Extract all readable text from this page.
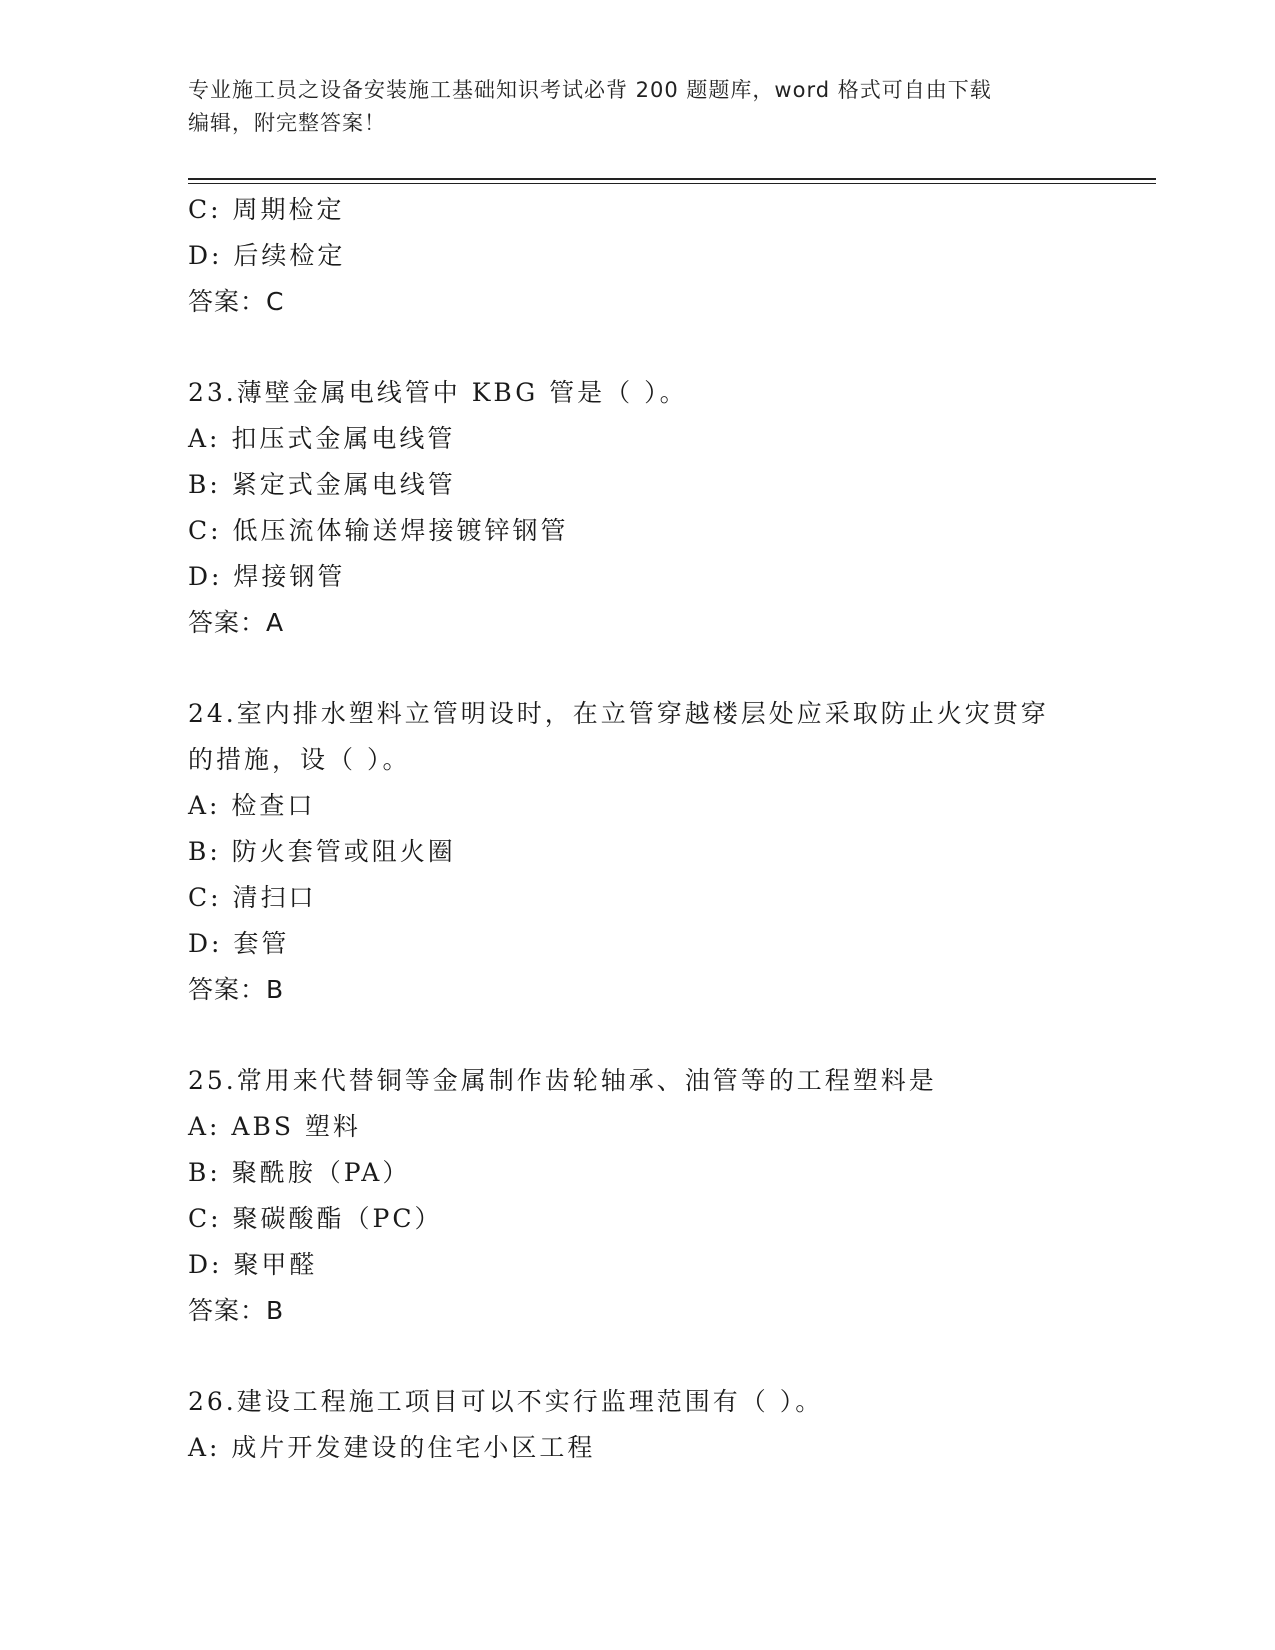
专业施工员之设备安装施工基础知识考试必背 200 题题库，word 格式可自由下载
编辑，附完整答案！
C: 周期检定
D: 后续检定
答案：C
23.薄壁金属电线管中 KBG 管是（ ）。
A: 扣压式金属电线管
B: 紧定式金属电线管
C: 低压流体输送焊接镀锌钢管
D: 焊接钢管
答案：A
24.室内排水塑料立管明设时，在立管穿越楼层处应采取防止火灾贯穿
的措施，设（ ）。
A: 检查口
B: 防火套管或阻火圈
C: 清扫口
D: 套管
答案：B
25.常用来代替铜等金属制作齿轮轴承、油管等的工程塑料是
A: ABS 塑料
B: 聚酰胺（PA）
C: 聚碳酸酯（PC）
D: 聚甲醛
答案：B
26.建设工程施工项目可以不实行监理范围有（ ）。
A: 成片开发建设的住宅小区工程
